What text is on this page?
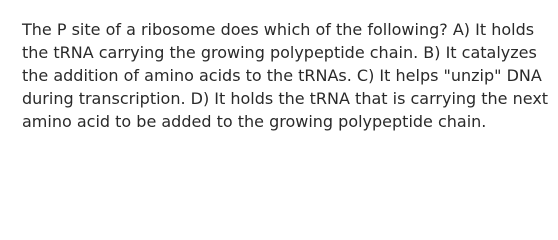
The P site of a ribosome does which of the following? A) It holds
the tRNA carrying the growing polypeptide chain. B) It catalyzes
the addition of amino acids to the tRNAs. C) It helps "unzip" DNA
during transcription. D) It holds the tRNA that is carrying the next
amino acid to be added to the growing polypeptide chain.
